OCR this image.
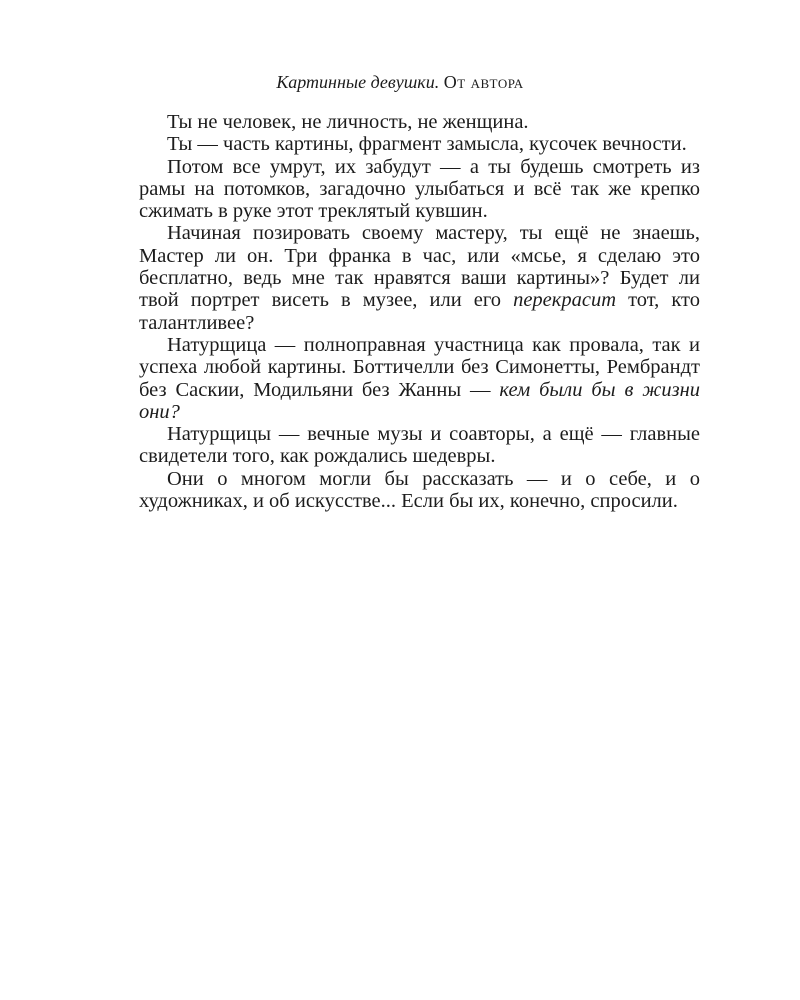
Картинные девушки. От автора

Ты не человек, не личность, не женщина.

Ты — часть картины, фрагмент замысла, кусочек вечности.

Потом все умрут, их забудут — а ты будешь смотреть из рамы на потомков, загадочно улыбаться и всё так же крепко сжимать в руке этот треклятый кувшин.

Начиная позировать своему мастеру, ты ещё не знаешь, Мастер ли он. Три франка в час, или «мсье, я сделаю это бесплатно, ведь мне так нравятся ваши картины»? Будет ли твой портрет висеть в музее, или его перекрасит тот, кто талантливее?

Натурщица — полноправная участница как провала, так и успеха любой картины. Боттичелли без Симонетты, Рембрандт без Саскии, Модильяни без Жанны — кем были бы в жизни они?

Натурщицы — вечные музы и соавторы, а ещё — главные свидетели того, как рождались шедевры.

Они о многом могли бы рассказать — и о себе, и о художниках, и об искусстве... Если бы их, конечно, спросили.
